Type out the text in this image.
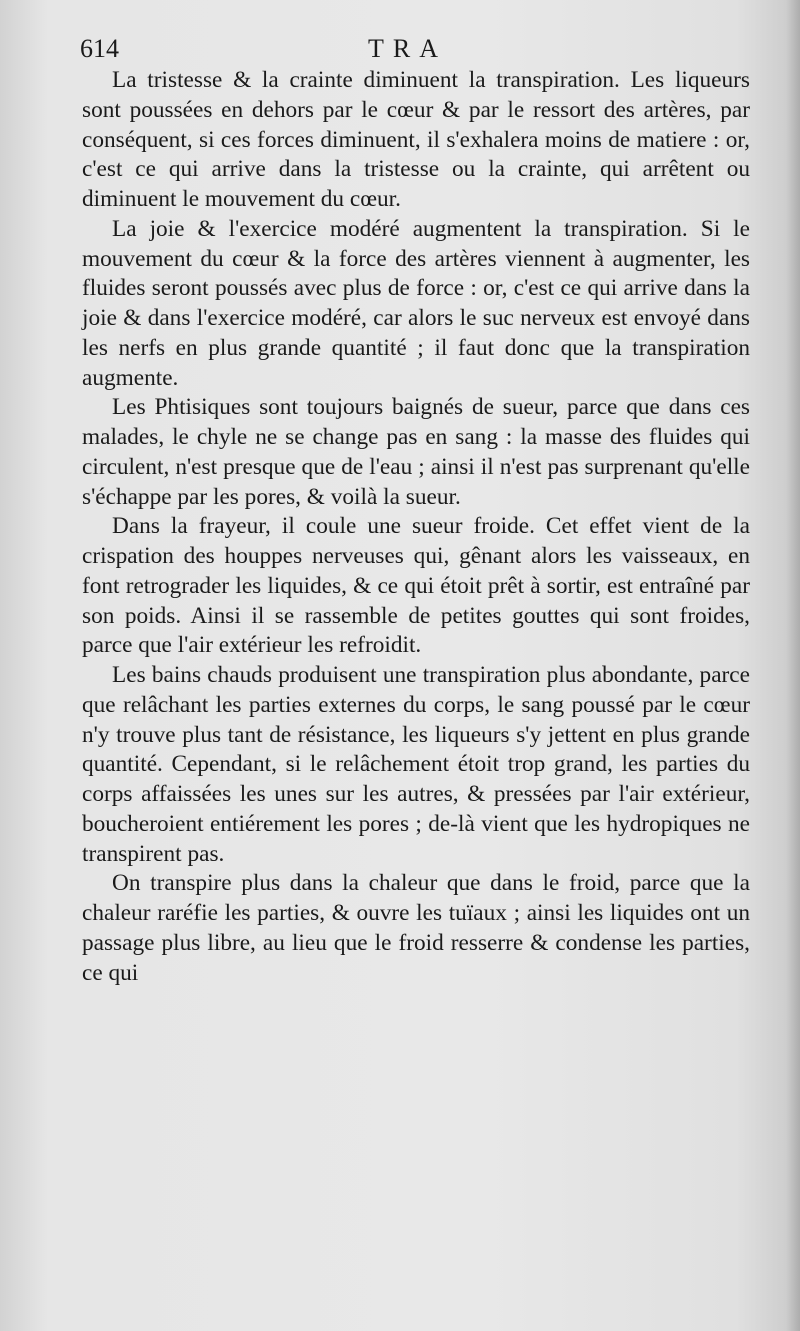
614	TRA

La tristesse & la crainte diminuent la transpiration. Les liqueurs sont poussées en dehors par le cœur & par le ressort des artères, par conséquent, si ces forces diminuent, il s'exhalera moins de matiere : or, c'est ce qui arrive dans la tristesse ou la crainte, qui arrêtent ou diminuent le mouvement du cœur.

La joie & l'exercice modéré augmentent la transpiration. Si le mouvement du cœur & la force des artères viennent à augmenter, les fluides seront poussés avec plus de force : or, c'est ce qui arrive dans la joie & dans l'exercice modéré, car alors le suc nerveux est envoyé dans les nerfs en plus grande quantité ; il faut donc que la transpiration augmente.

Les Phtisiques sont toujours baignés de sueur, parce que dans ces malades, le chyle ne se change pas en sang : la masse des fluides qui circulent, n'est presque que de l'eau ; ainsi il n'est pas surprenant qu'elle s'échappe par les pores, & voilà la sueur.

Dans la frayeur, il coule une sueur froide. Cet effet vient de la crispation des houppes nerveuses qui, gênant alors les vaisseaux, en font retrograder les liquides, & ce qui étoit prêt à sortir, est entraîné par son poids. Ainsi il se rassemble de petites gouttes qui sont froides, parce que l'air extérieur les refroidit.

Les bains chauds produisent une transpiration plus abondante, parce que relâchant les parties externes du corps, le sang poussé par le cœur n'y trouve plus tant de résistance, les liqueurs s'y jettent en plus grande quantité. Cependant, si le relâchement étoit trop grand, les parties du corps affaissées les unes sur les autres, & pressées par l'air extérieur, boucheroient entiérement les pores ; de-là vient que les hydropiques ne transpirent pas.

On transpire plus dans la chaleur que dans le froid, parce que la chaleur raréfie les parties, & ouvre les tuïaux ; ainsi les liquides ont un passage plus libre, au lieu que le froid resserre & condense les parties, ce qui
